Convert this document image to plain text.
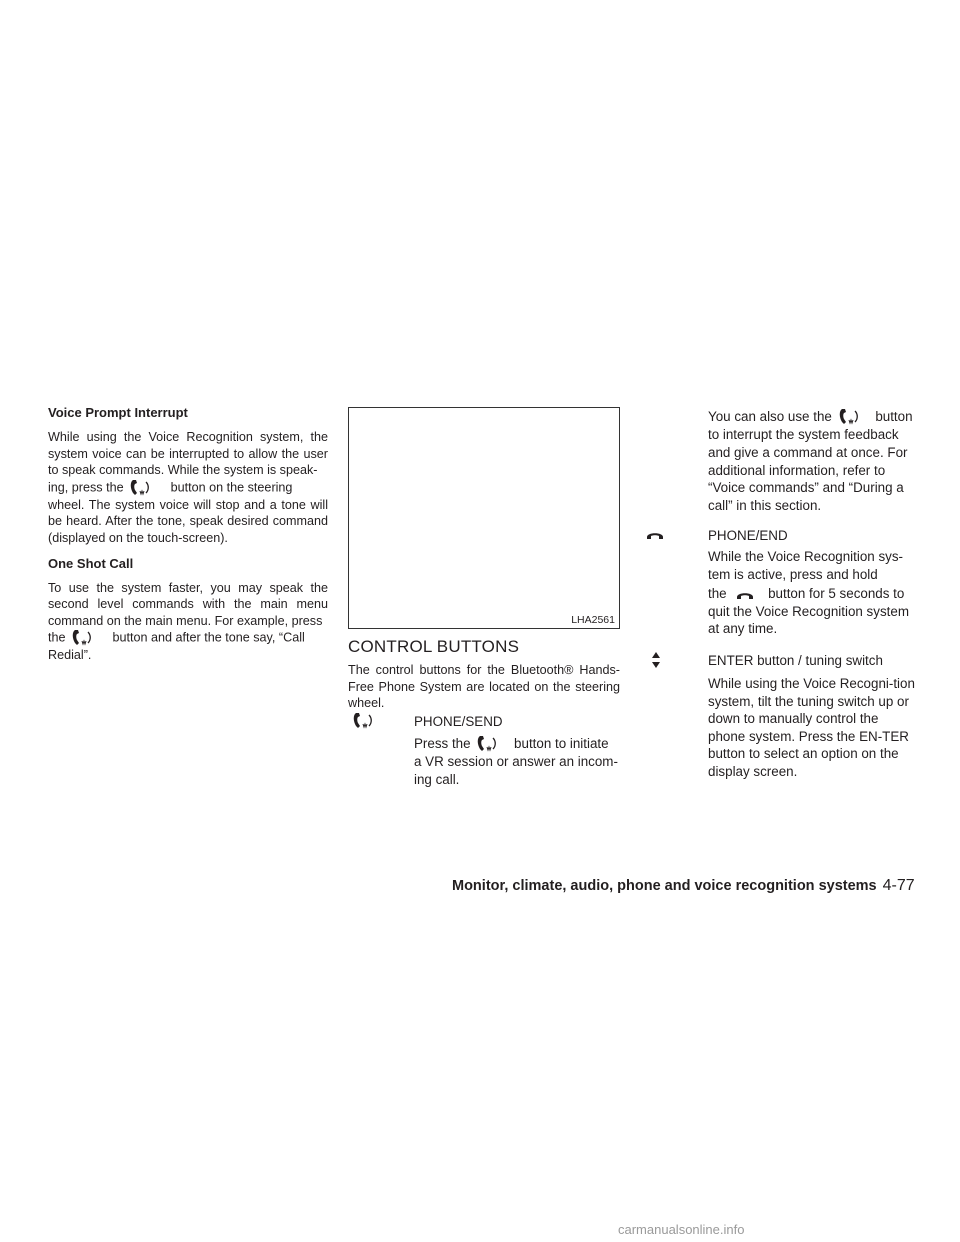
Voice Prompt Interrupt
While using the Voice Recognition system, the system voice can be interrupted to allow the user to speak commands. While the system is speak-
ing, press the	button on the steering
wheel. The system voice will stop and a tone will be heard. After the tone, speak desired command (displayed on the touch-screen).
One Shot Call
To use the system faster, you may speak the second level commands with the main menu command on the main menu. For example, press
the	button and after the tone say, “Call
Redial”.
LHA2561
CONTROL BUTTONS
The control buttons for the Bluetooth® Hands-Free Phone System are located on the steering wheel.
PHONE/SEND
Press the	button to initiate
a VR session or answer an incom-
ing call.
You can also use the	button
to interrupt the system feedback and give a command at once. For additional information, refer to “Voice commands” and “During a call” in this section.
PHONE/END
While the Voice Recognition sys-tem is active, press and hold
the	button for 5 seconds to
quit the Voice Recognition system at any time.
ENTER button / tuning switch
While using the Voice Recogni-tion system, tilt the tuning switch up or down to manually control the phone system. Press the EN-TER button to select an option on the display screen.
Monitor, climate, audio, phone and voice recognition systems 4-77
carmanualsonline.info
